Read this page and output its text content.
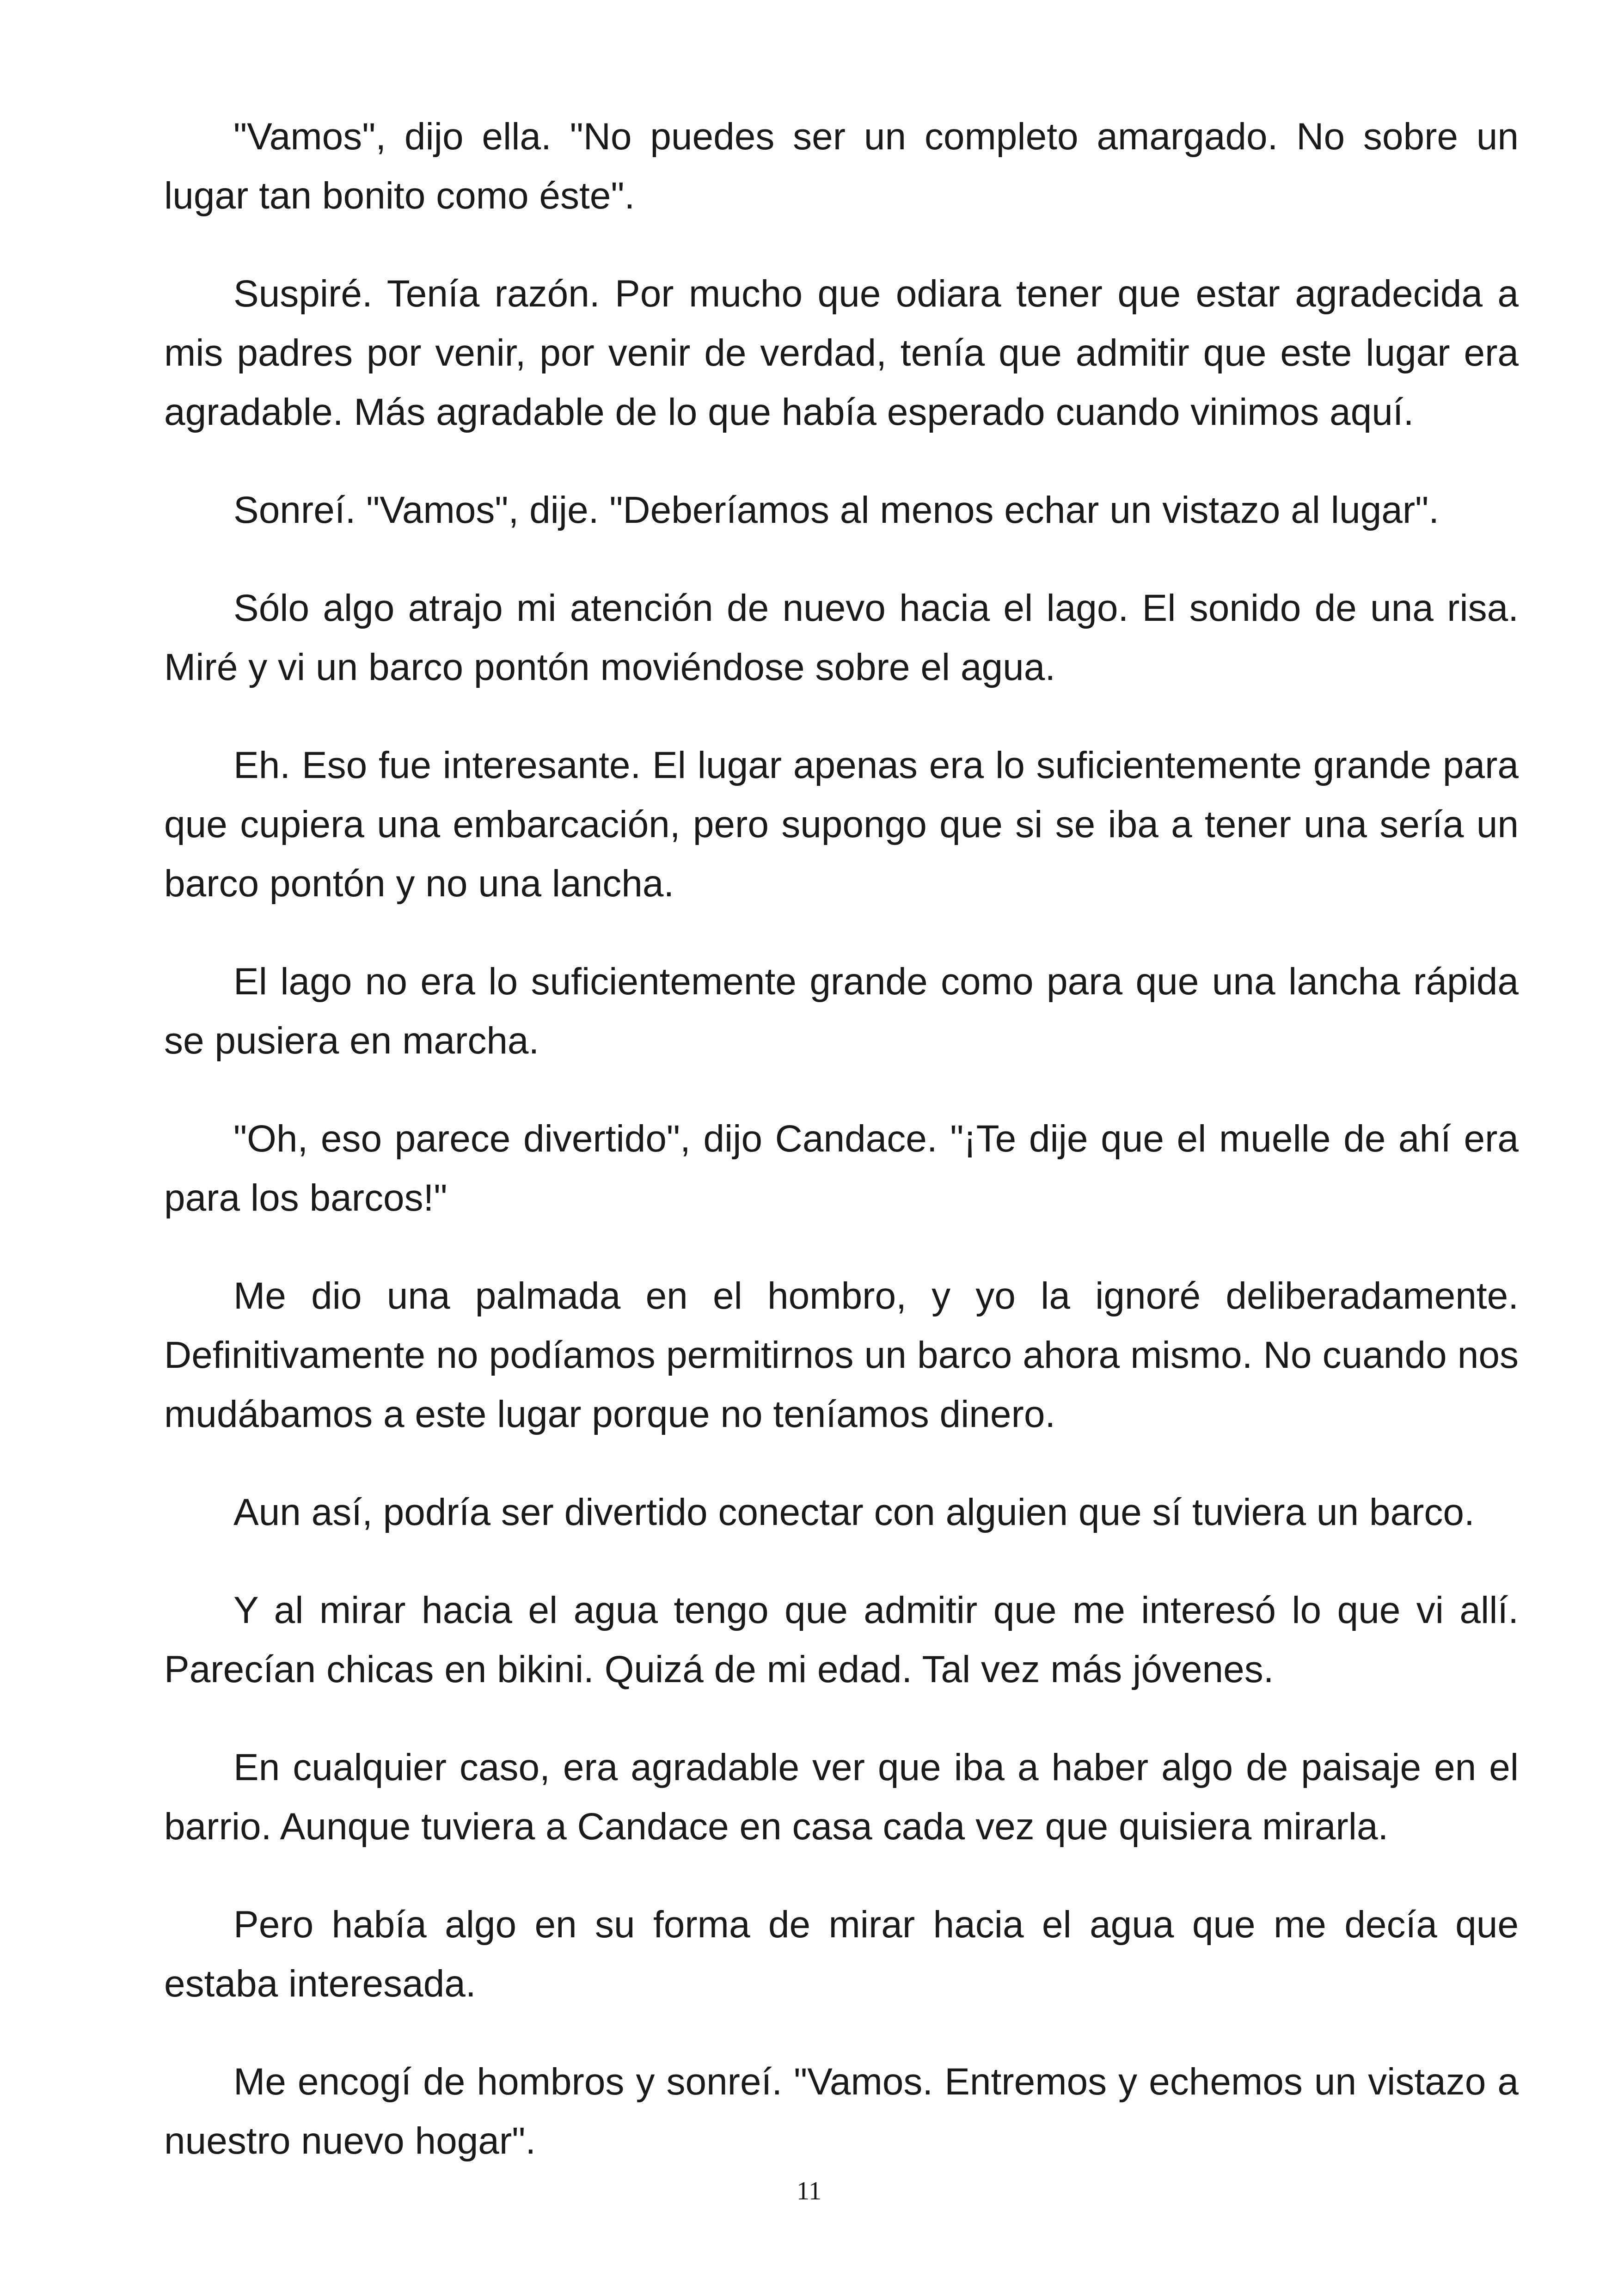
"Vamos", dijo ella. "No puedes ser un completo amargado. No sobre un lugar tan bonito como éste".

Suspiré. Tenía razón. Por mucho que odiara tener que estar agradecida a mis padres por venir, por venir de verdad, tenía que admitir que este lugar era agradable. Más agradable de lo que había esperado cuando vinimos aquí.

Sonreí. "Vamos", dije. "Deberíamos al menos echar un vistazo al lugar".

Sólo algo atrajo mi atención de nuevo hacia el lago. El sonido de una risa. Miré y vi un barco pontón moviéndose sobre el agua.

Eh. Eso fue interesante. El lugar apenas era lo suficientemente grande para que cupiera una embarcación, pero supongo que si se iba a tener una sería un barco pontón y no una lancha.

El lago no era lo suficientemente grande como para que una lancha rápida se pusiera en marcha.

"Oh, eso parece divertido", dijo Candace. "¡Te dije que el muelle de ahí era para los barcos!"

Me dio una palmada en el hombro, y yo la ignoré deliberadamente. Definitivamente no podíamos permitirnos un barco ahora mismo. No cuando nos mudábamos a este lugar porque no teníamos dinero.

Aun así, podría ser divertido conectar con alguien que sí tuviera un barco.

Y al mirar hacia el agua tengo que admitir que me interesó lo que vi allí. Parecían chicas en bikini. Quizá de mi edad. Tal vez más jóvenes.

En cualquier caso, era agradable ver que iba a haber algo de paisaje en el barrio. Aunque tuviera a Candace en casa cada vez que quisiera mirarla.

Pero había algo en su forma de mirar hacia el agua que me decía que estaba interesada.

Me encogí de hombros y sonreí. "Vamos. Entremos y echemos un vistazo a nuestro nuevo hogar".

11
